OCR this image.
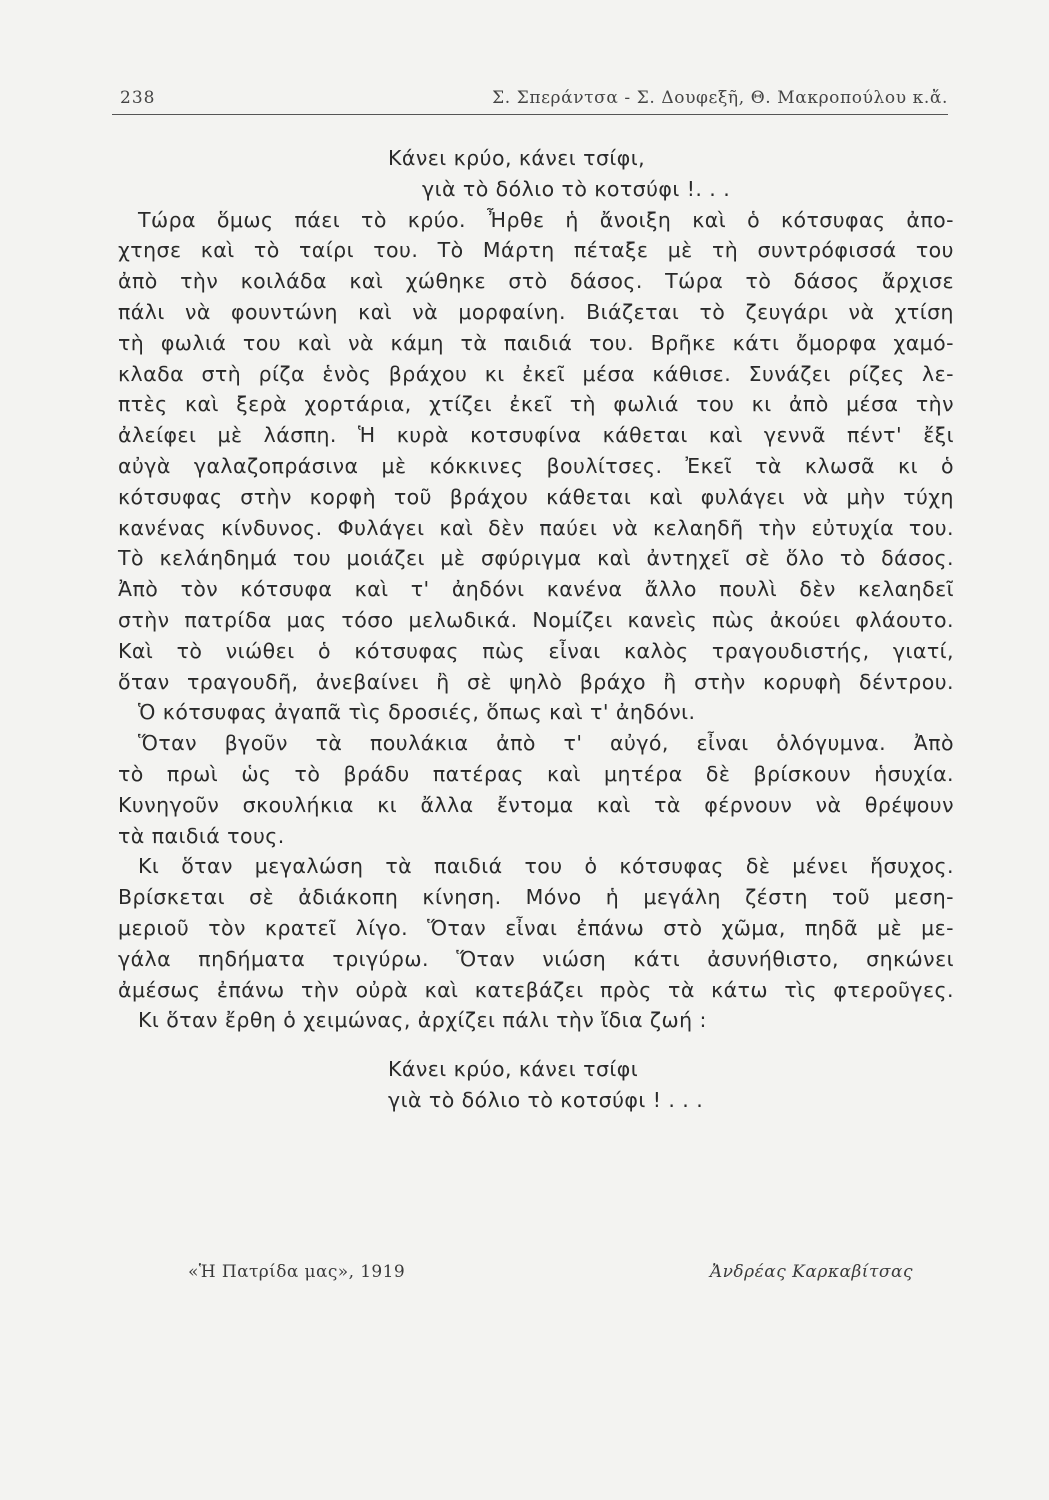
238	Σ. Σπεράντσα - Σ. Δουφεξῆ, Θ. Μακροπούλου κ.ἄ.
Κάνει κρύο, κάνει τσίφι,
γιὰ τὸ δόλιο τὸ κοτσύφι !. . .
Τώρα ὅμως πάει τὸ κρύο. Ἦρθε ἡ ἄνοιξη καὶ ὁ κότσυφας ἀπο-
χτησε καὶ τὸ ταίρι του. Τὸ Μάρτη πέταξε μὲ τὴ συντρόφισσά του
ἀπὸ τὴν κοιλάδα καὶ χώθηκε στὸ δάσος. Τώρα τὸ δάσος ἄρχισε
πάλι νὰ φουντώνη καὶ νὰ μορφαίνη. Βιάζεται τὸ ζευγάρι νὰ χτίση
τὴ φωλιά του καὶ νὰ κάμη τὰ παιδιά του. Βρῆκε κάτι ὄμορφα χαμό-
κλαδα στὴ ρίζα ἑνὸς βράχου κι ἐκεῖ μέσα κάθισε. Συνάζει ρίζες λε-
πτὲς καὶ ξερὰ χορτάρια, χτίζει ἐκεῖ τὴ φωλιά του κι ἀπὸ μέσα τὴν
ἀλείφει μὲ λάσπη. Ἡ κυρὰ κοτσυφίνα κάθεται καὶ γεννᾶ πέντ' ἔξι
αὐγὰ γαλαζοπράσινα μὲ κόκκινες βουλίτσες. Ἐκεῖ τὰ κλωσᾶ κι ὁ
κότσυφας στὴν κορφὴ τοῦ βράχου κάθεται καὶ φυλάγει νὰ μὴν τύχη
κανένας κίνδυνος. Φυλάγει καὶ δὲν παύει νὰ κελαηδῆ τὴν εὐτυχία του.
Τὸ κελάηδημά του μοιάζει μὲ σφύριγμα καὶ ἀντηχεῖ σὲ ὅλο τὸ δάσος.
Ἀπὸ τὸν κότσυφα καὶ τ' ἀηδόνι κανένα ἄλλο πουλὶ δὲν κελαηδεῖ
στὴν πατρίδα μας τόσο μελωδικά. Νομίζει κανεὶς πὼς ἀκούει φλάουτο.
Καὶ τὸ νιώθει ὁ κότσυφας πὼς εἶναι καλὸς τραγουδιστής, γιατί,
ὅταν τραγουδῆ, ἀνεβαίνει ἢ σὲ ψηλὸ βράχο ἢ στὴν κορυφὴ δέντρου.
Ὁ κότσυφας ἀγαπᾶ τὶς δροσιές, ὅπως καὶ τ' ἀηδόνι.
Ὅταν βγοῦν τὰ πουλάκια ἀπὸ τ' αὐγό, εἶναι ὁλόγυμνα. Ἀπὸ
τὸ πρωὶ ὡς τὸ βράδυ πατέρας καὶ μητέρα δὲ βρίσκουν ἡσυχία.
Κυνηγοῦν σκουλήκια κι ἄλλα ἔντομα καὶ τὰ φέρνουν νὰ θρέψουν
τὰ παιδιά τους.
Κι ὅταν μεγαλώση τὰ παιδιά του ὁ κότσυφας δὲ μένει ἥσυχος.
Βρίσκεται σὲ ἀδιάκοπη κίνηση. Μόνο ἡ μεγάλη ζέστη τοῦ μεση-
μεριοῦ τὸν κρατεῖ λίγο. Ὅταν εἶναι ἐπάνω στὸ χῶμα, πηδᾶ μὲ με-
γάλα πηδήματα τριγύρω. Ὅταν νιώση κάτι ἀσυνήθιστο, σηκώνει
ἀμέσως ἐπάνω τὴν οὐρὰ καὶ κατεβάζει πρὸς τὰ κάτω τὶς φτεροῦγες.
Κι ὅταν ἔρθη ὁ χειμώνας, ἀρχίζει πάλι τὴν ἴδια ζωή :
Κάνει κρύο, κάνει τσίφι
γιὰ τὸ δόλιο τὸ κοτσύφι ! . . .
«Ἡ Πατρίδα μας», 1919	Ἀνδρέας Καρκαβίτσας
